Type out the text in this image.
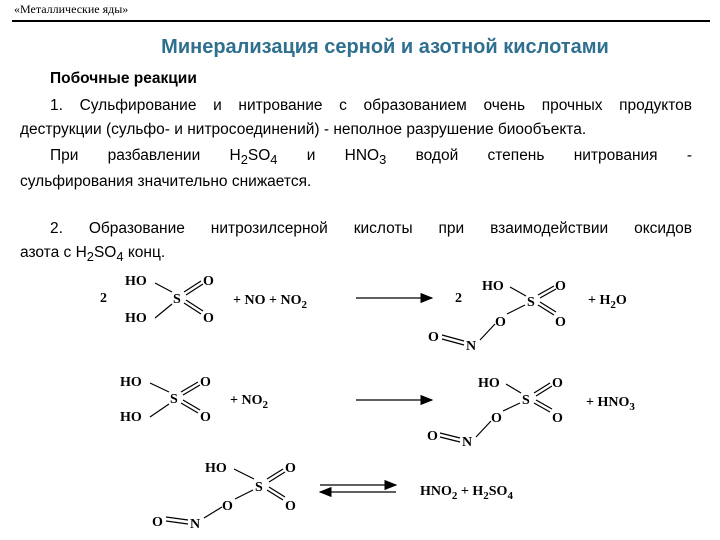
«Металлические яды»
Минерализация серной и азотной кислотами
Побочные реакции
1. Сульфирование и нитрование с образованием очень прочных продуктов
деструкции (сульфо- и нитросоединений) - неполное разрушение биообъекта.
При разбавлении $H_2SO_4$ и $HNO_3$ водой степень нитрования -
сульфирования значительно снижается.
2. Образование нитрозилсерной кислоты при взаимодействии оксидов
азота с $H_2SO_4$ конц.
2
HO
HO
S
O
O
+ NO + $NO_2$	2
HO
S
O
O
O
O
N
+ $H_2O$
HO
HO
S
O
O
+ $NO_2$
HO
S
O
O
O
O N
+ $HNO_3$
HO
S
O
O
O
O N
$HNO_2 + H_2SO_4$
